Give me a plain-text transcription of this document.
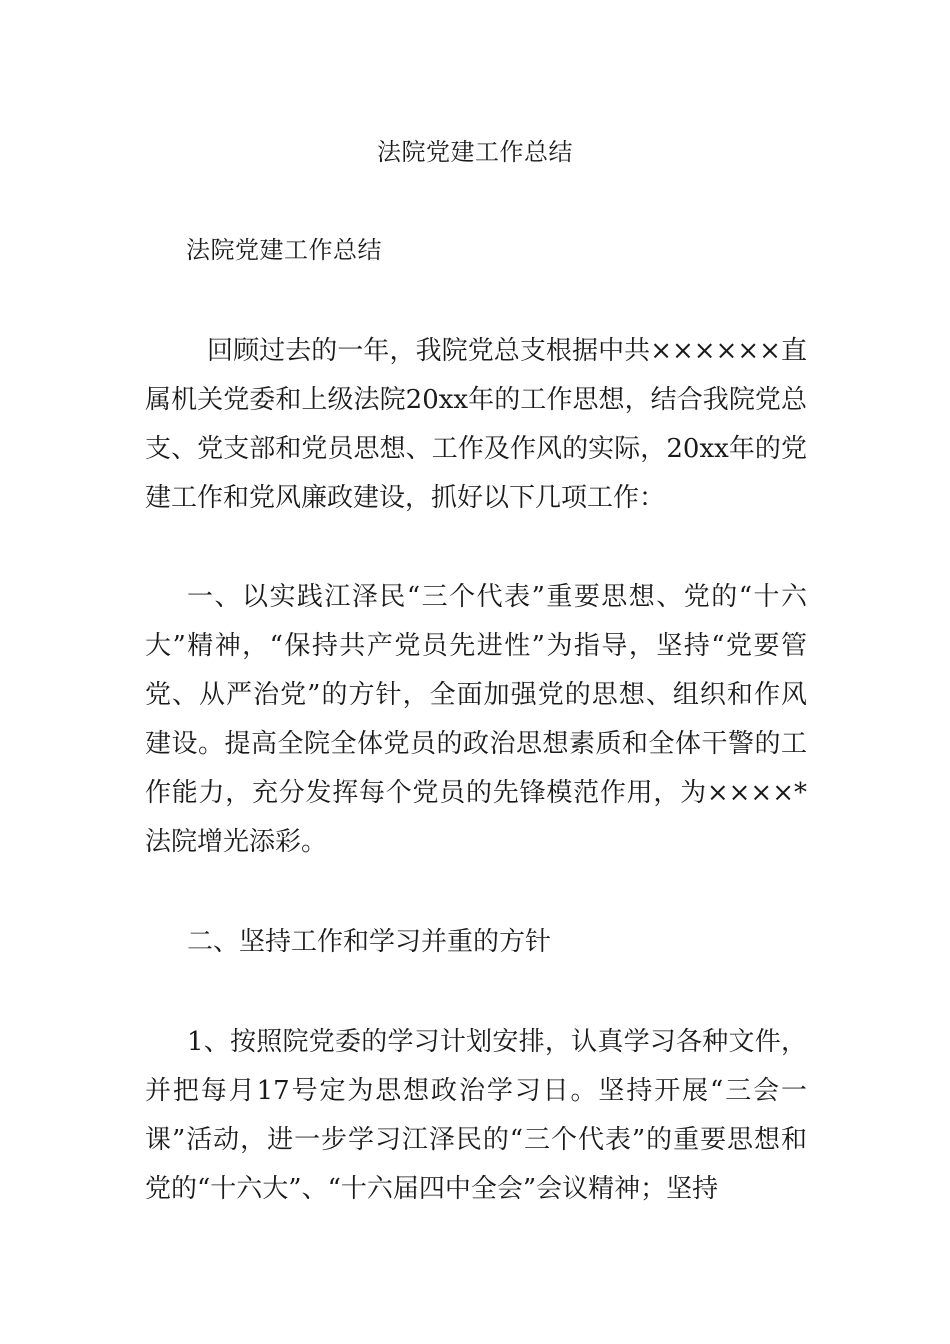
法院党建工作总结
法院党建工作总结

回顾过去的一年，我院党总支根据中共××××××直属机关党委和上级法院20xx年的工作思想，结合我院党总支、党支部和党员思想、工作及作风的实际，20xx年的党建工作和党风廉政建设，抓好以下几项工作：

一、以实践江泽民“三个代表”重要思想、党的“十六大”精神，“保持共产党员先进性”为指导，坚持“党要管党、从严治党”的方针，全面加强党的思想、组织和作风建设。提高全院全体党员的政治思想素质和全体干警的工作能力，充分发挥每个党员的先锋模范作用，为××××*法院增光添彩。

二、坚持工作和学习并重的方针

1、按照院党委的学习计划安排，认真学习各种文件，并把每月17号定为思想政治学习日。坚持开展“三会一课”活动，进一步学习江泽民的“三个代表”的重要思想和党的“十六大”、“十六届四中全会”会议精神；坚持
